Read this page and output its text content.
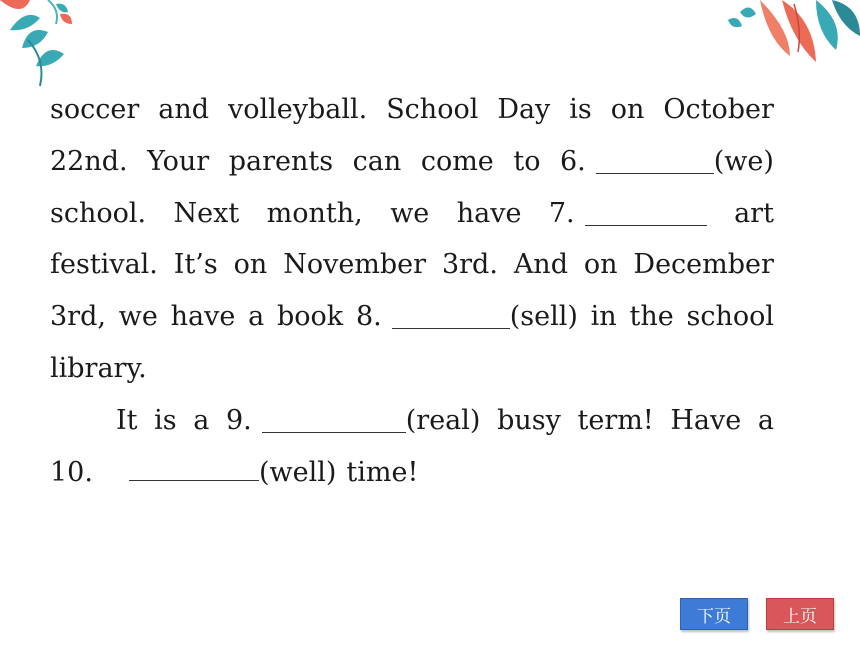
soccer and volleyball. School Day is on October
22nd. Your parents can come to 6.	(we)
school. Next month, we have 7.	art
festival. It’s on November 3rd. And on December
3rd, we have a book 8.	(sell) in the school
library.
It is a 9.	(real) busy term! Have a
10.	(well) time!
下页	上页
